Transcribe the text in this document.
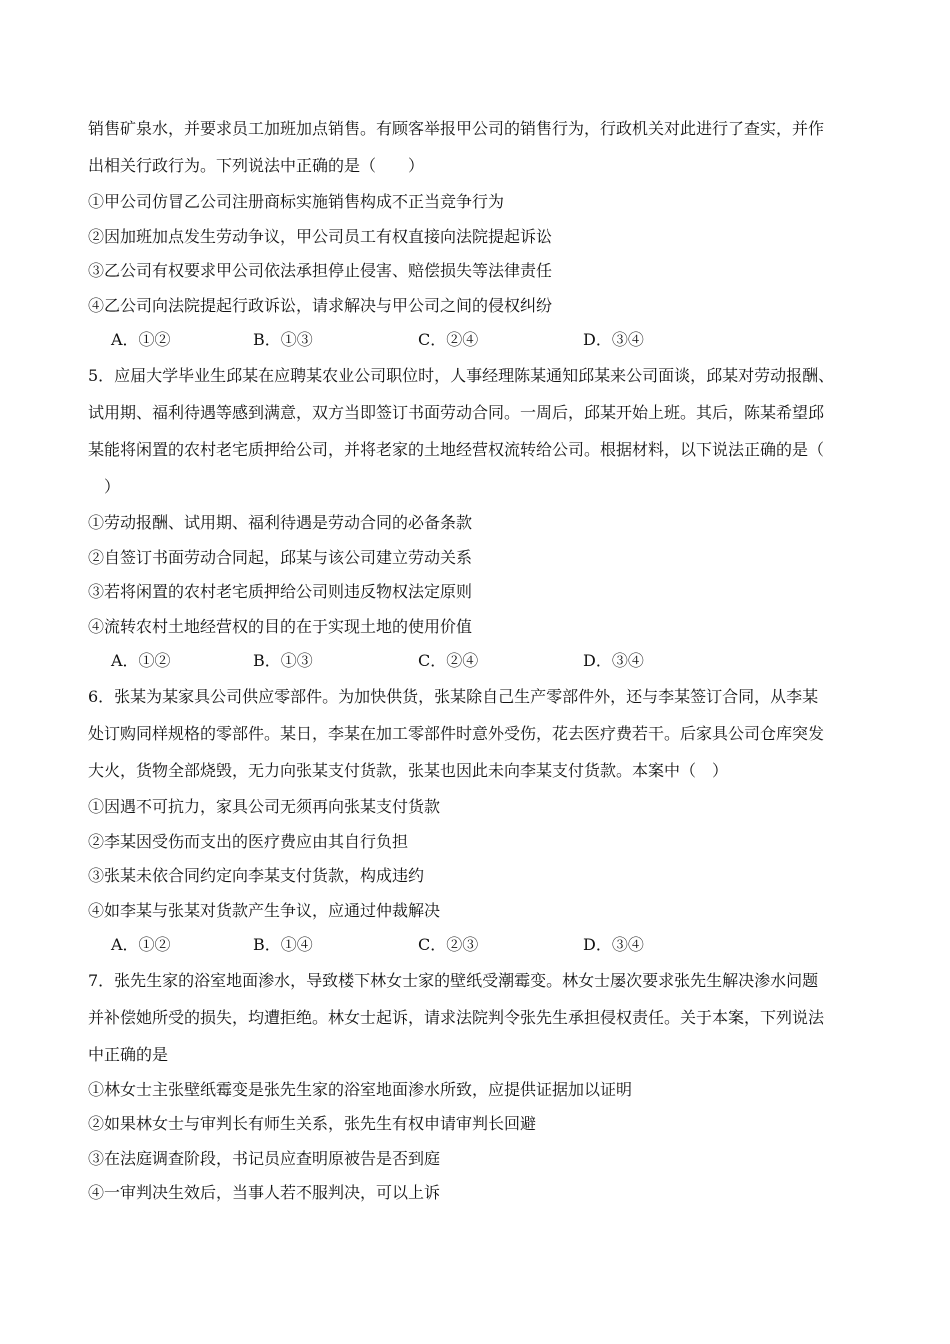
销售矿泉水，并要求员工加班加点销售。有顾客举报甲公司的销售行为，行政机关对此进行了查实，并作
出相关行政行为。下列说法中正确的是（　　）
①甲公司仿冒乙公司注册商标实施销售构成不正当竞争行为
②因加班加点发生劳动争议，甲公司员工有权直接向法院提起诉讼
③乙公司有权要求甲公司依法承担停止侵害、赔偿损失等法律责任
④乙公司向法院提起行政诉讼，请求解决与甲公司之间的侵权纠纷
A．①②	B．①③	C．②④	D．③④
5．应届大学毕业生邱某在应聘某农业公司职位时，人事经理陈某通知邱某来公司面谈，邱某对劳动报酬、
试用期、福利待遇等感到满意，双方当即签订书面劳动合同。一周后，邱某开始上班。其后，陈某希望邱
某能将闲置的农村老宅质押给公司，并将老家的土地经营权流转给公司。根据材料，以下说法正确的是（
　）
①劳动报酬、试用期、福利待遇是劳动合同的必备条款
②自签订书面劳动合同起，邱某与该公司建立劳动关系
③若将闲置的农村老宅质押给公司则违反物权法定原则
④流转农村土地经营权的目的在于实现土地的使用价值
A．①②	B．①③	C．②④	D．③④
6．张某为某家具公司供应零部件。为加快供货，张某除自己生产零部件外，还与李某签订合同，从李某
处订购同样规格的零部件。某日，李某在加工零部件时意外受伤，花去医疗费若干。后家具公司仓库突发
大火，货物全部烧毁，无力向张某支付货款，张某也因此未向李某支付货款。本案中（　）
①因遇不可抗力，家具公司无须再向张某支付货款
②李某因受伤而支出的医疗费应由其自行负担
③张某未依合同约定向李某支付货款，构成违约
④如李某与张某对货款产生争议，应通过仲裁解决
A．①②	B．①④	C．②③	D．③④
7．张先生家的浴室地面渗水，导致楼下林女士家的壁纸受潮霉变。林女士屡次要求张先生解决渗水问题
并补偿她所受的损失，均遭拒绝。林女士起诉，请求法院判令张先生承担侵权责任。关于本案，下列说法
中正确的是
①林女士主张壁纸霉变是张先生家的浴室地面渗水所致，应提供证据加以证明
②如果林女士与审判长有师生关系，张先生有权申请审判长回避
③在法庭调查阶段，书记员应查明原被告是否到庭
④一审判决生效后，当事人若不服判决，可以上诉
